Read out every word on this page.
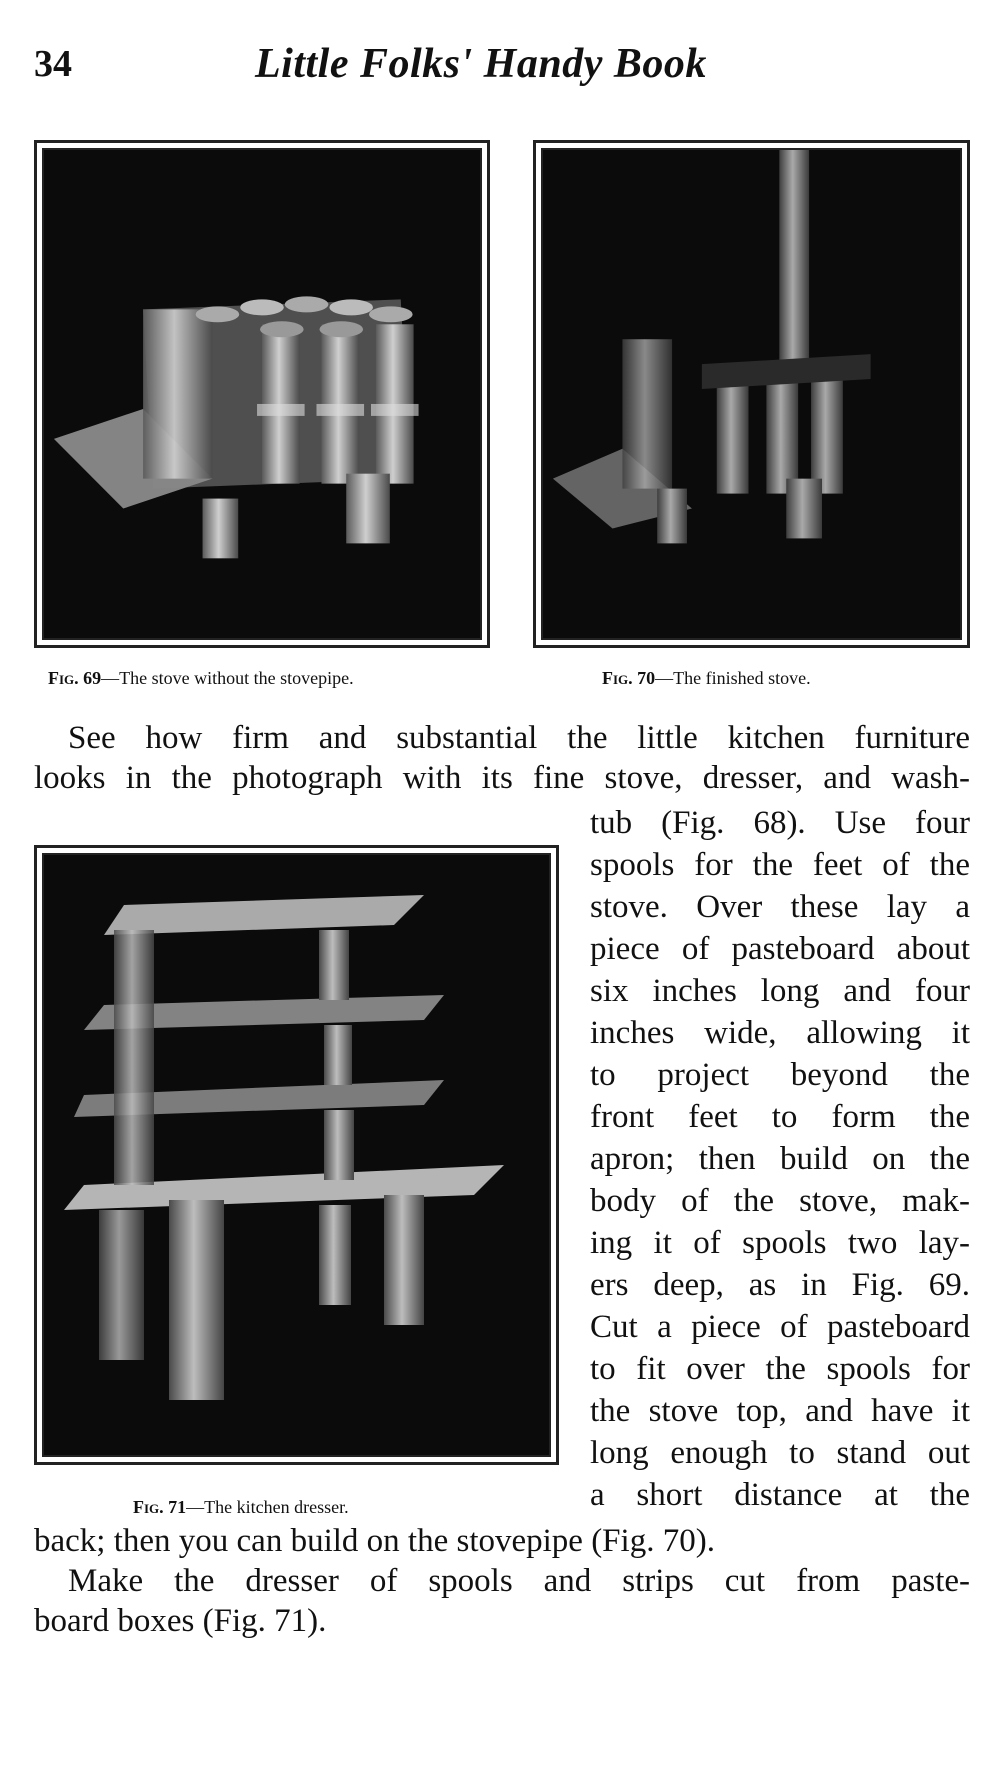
34	Little Folks' Handy Book
Fig. 69—The stove without the stovepipe.	Fig. 70—The finished stove.
Fig. 71—The kitchen dresser.
See how firm and substantial the little kitchen furniture
looks in the photograph with its fine stove, dresser, and wash-
tub (Fig. 68). Use four
spools for the feet of the
stove. Over these lay a
piece of pasteboard about
six inches long and four
inches wide, allowing it
to project beyond the
front feet to form the
apron; then build on the
body of the stove, mak-
ing it of spools two lay-
ers deep, as in Fig. 69.
Cut a piece of pasteboard
to fit over the spools for
the stove top, and have it
long enough to stand out
a short distance at the
back; then you can build on the stovepipe (Fig. 70).
Make the dresser of spools and strips cut from paste-
board boxes (Fig. 71).
